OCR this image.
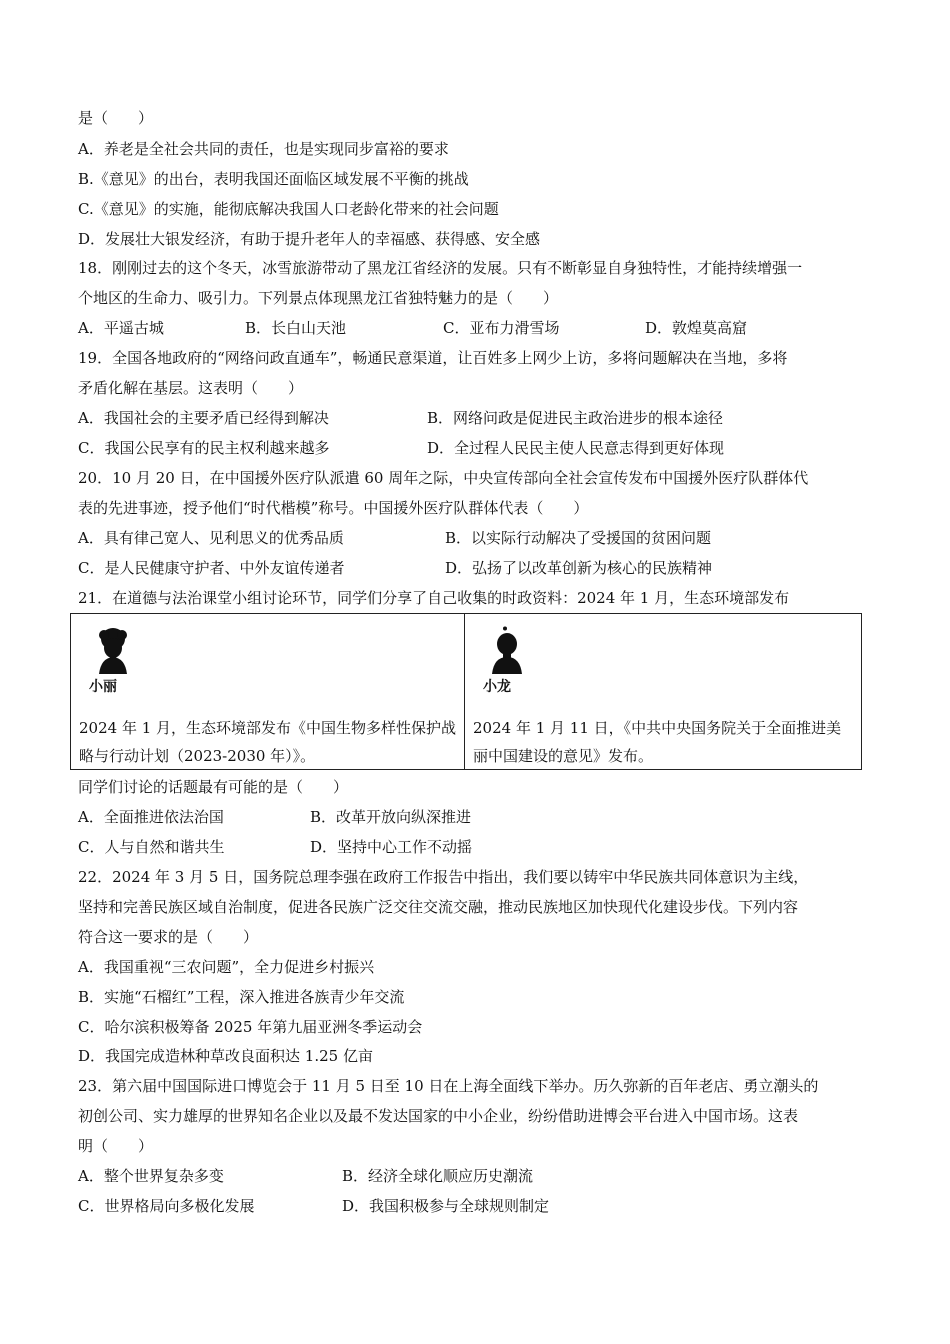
是（　　）
A．养老是全社会共同的责任，也是实现同步富裕的要求
B.《意见》的出台，表明我国还面临区域发展不平衡的挑战
C.《意见》的实施，能彻底解决我国人口老龄化带来的社会问题
D．发展壮大银发经济，有助于提升老年人的幸福感、获得感、安全感
18．刚刚过去的这个冬天，冰雪旅游带动了黑龙江省经济的发展。只有不断彰显自身独特性，才能持续增强一
个地区的生命力、吸引力。下列景点体现黑龙江省独特魅力的是（　　）
A．平遥古城	B．长白山天池	C．亚布力滑雪场	D．敦煌莫高窟
19．全国各地政府的“网络问政直通车”，畅通民意渠道，让百姓多上网少上访，多将问题解决在当地，多将
矛盾化解在基层。这表明（　　）
A．我国社会的主要矛盾已经得到解决	B．网络问政是促进民主政治进步的根本途径
C．我国公民享有的民主权利越来越多	D．全过程人民民主使人民意志得到更好体现
20．10 月 20 日，在中国援外医疗队派遣 60 周年之际，中央宣传部向全社会宣传发布中国援外医疗队群体代
表的先进事迹，授予他们“时代楷模”称号。中国援外医疗队群体代表（　　）
A．具有律己宽人、见利思义的优秀品质	B．以实际行动解决了受援国的贫困问题
C．是人民健康守护者、中外友谊传递者	D．弘扬了以改革创新为核心的民族精神
21．在道德与法治课堂小组讨论环节，同学们分享了自己收集的时政资料：2024 年 1 月，生态环境部发布
小丽
2024 年 1 月，生态环境部发布《中国生物多样性保护战略与行动计划（2023-2030 年）》。
小龙
2024 年 1 月 11 日，《中共中央国务院关于全面推进美丽中国建设的意见》发布。
同学们讨论的话题最有可能的是（　　）
A．全面推进依法治国	B．改革开放向纵深推进
C．人与自然和谐共生	D．坚持中心工作不动摇
22．2024 年 3 月 5 日，国务院总理李强在政府工作报告中指出，我们要以铸牢中华民族共同体意识为主线，
坚持和完善民族区域自治制度，促进各民族广泛交往交流交融，推动民族地区加快现代化建设步伐。下列内容
符合这一要求的是（　　）
A．我国重视“三农问题”，全力促进乡村振兴
B．实施“石榴红”工程，深入推进各族青少年交流
C．哈尔滨积极筹备 2025 年第九届亚洲冬季运动会
D．我国完成造林种草改良面积达 1.25 亿亩
23．第六届中国国际进口博览会于 11 月 5 日至 10 日在上海全面线下举办。历久弥新的百年老店、勇立潮头的
初创公司、实力雄厚的世界知名企业以及最不发达国家的中小企业，纷纷借助进博会平台进入中国市场。这表
明（　　）
A．整个世界复杂多变	B．经济全球化顺应历史潮流
C．世界格局向多极化发展	D．我国积极参与全球规则制定
